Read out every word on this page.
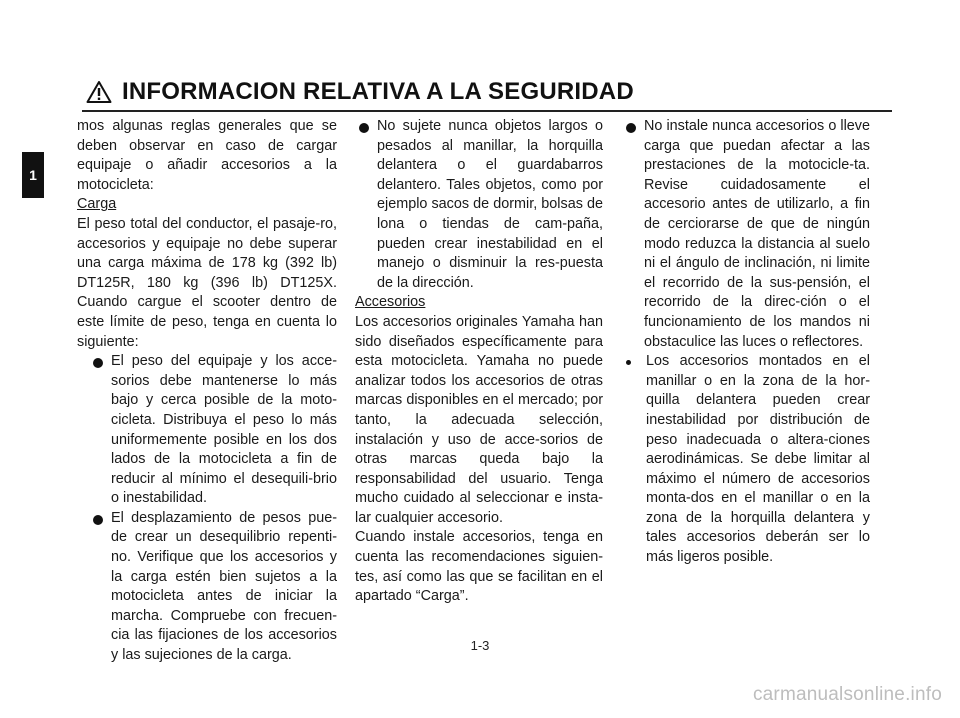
INFORMACION RELATIVA A LA SEGURIDAD
1

mos algunas reglas generales que se deben observar en caso de cargar equipaje o añadir accesorios a la motocicleta:

Carga

El peso total del conductor, el pasaje-ro, accesorios y equipaje no debe superar una carga máxima de 178 kg (392 lb) DT125R, 180 kg (396 lb) DT125X. Cuando cargue el scooter dentro de este límite de peso, tenga en cuenta lo siguiente:

El peso del equipaje y los acce-sorios debe mantenerse lo más bajo y cerca posible de la moto-cicleta. Distribuya el peso lo más uniformemente posible en los dos lados de la motocicleta a fin de reducir al mínimo el desequili-brio o inestabilidad.

El desplazamiento de pesos pue-de crear un desequilibrio repenti-no. Verifique que los accesorios y la carga estén bien sujetos a la motocicleta antes de iniciar la marcha. Compruebe con frecuen-cia las fijaciones de los accesorios y las sujeciones de la carga.

No sujete nunca objetos largos o pesados al manillar, la horquilla delantera o el guardabarros delantero. Tales objetos, como por ejemplo sacos de dormir, bolsas de lona o tiendas de cam-paña, pueden crear inestabilidad en el manejo o disminuir la res-puesta de la dirección.

Accesorios

Los accesorios originales Yamaha han sido diseñados específicamente para esta motocicleta. Yamaha no puede analizar todos los accesorios de otras marcas disponibles en el mercado; por tanto, la adecuada selección, instalación y uso de acce-sorios de otras marcas queda bajo la responsabilidad del usuario. Tenga mucho cuidado al seleccionar e insta-lar cualquier accesorio.

Cuando instale accesorios, tenga en cuenta las recomendaciones siguien-tes, así como las que se facilitan en el apartado “Carga”.

No instale nunca accesorios o lleve carga que puedan afectar a las prestaciones de la motocicle-ta. Revise cuidadosamente el accesorio antes de utilizarlo, a fin de cerciorarse de que de ningún modo reduzca la distancia al suelo ni el ángulo de inclinación, ni limite el recorrido de la sus-pensión, el recorrido de la direc-ción o el funcionamiento de los mandos ni obstaculice las luces o reflectores.

Los accesorios montados en el manillar o en la zona de la hor-quilla delantera pueden crear inestabilidad por distribución de peso inadecuada o altera-ciones aerodinámicas. Se debe limitar al máximo el número de accesorios monta-dos en el manillar o en la zona de la horquilla delantera y tales accesorios deberán ser lo más ligeros posible.

1-3
carmanualsonline.info
